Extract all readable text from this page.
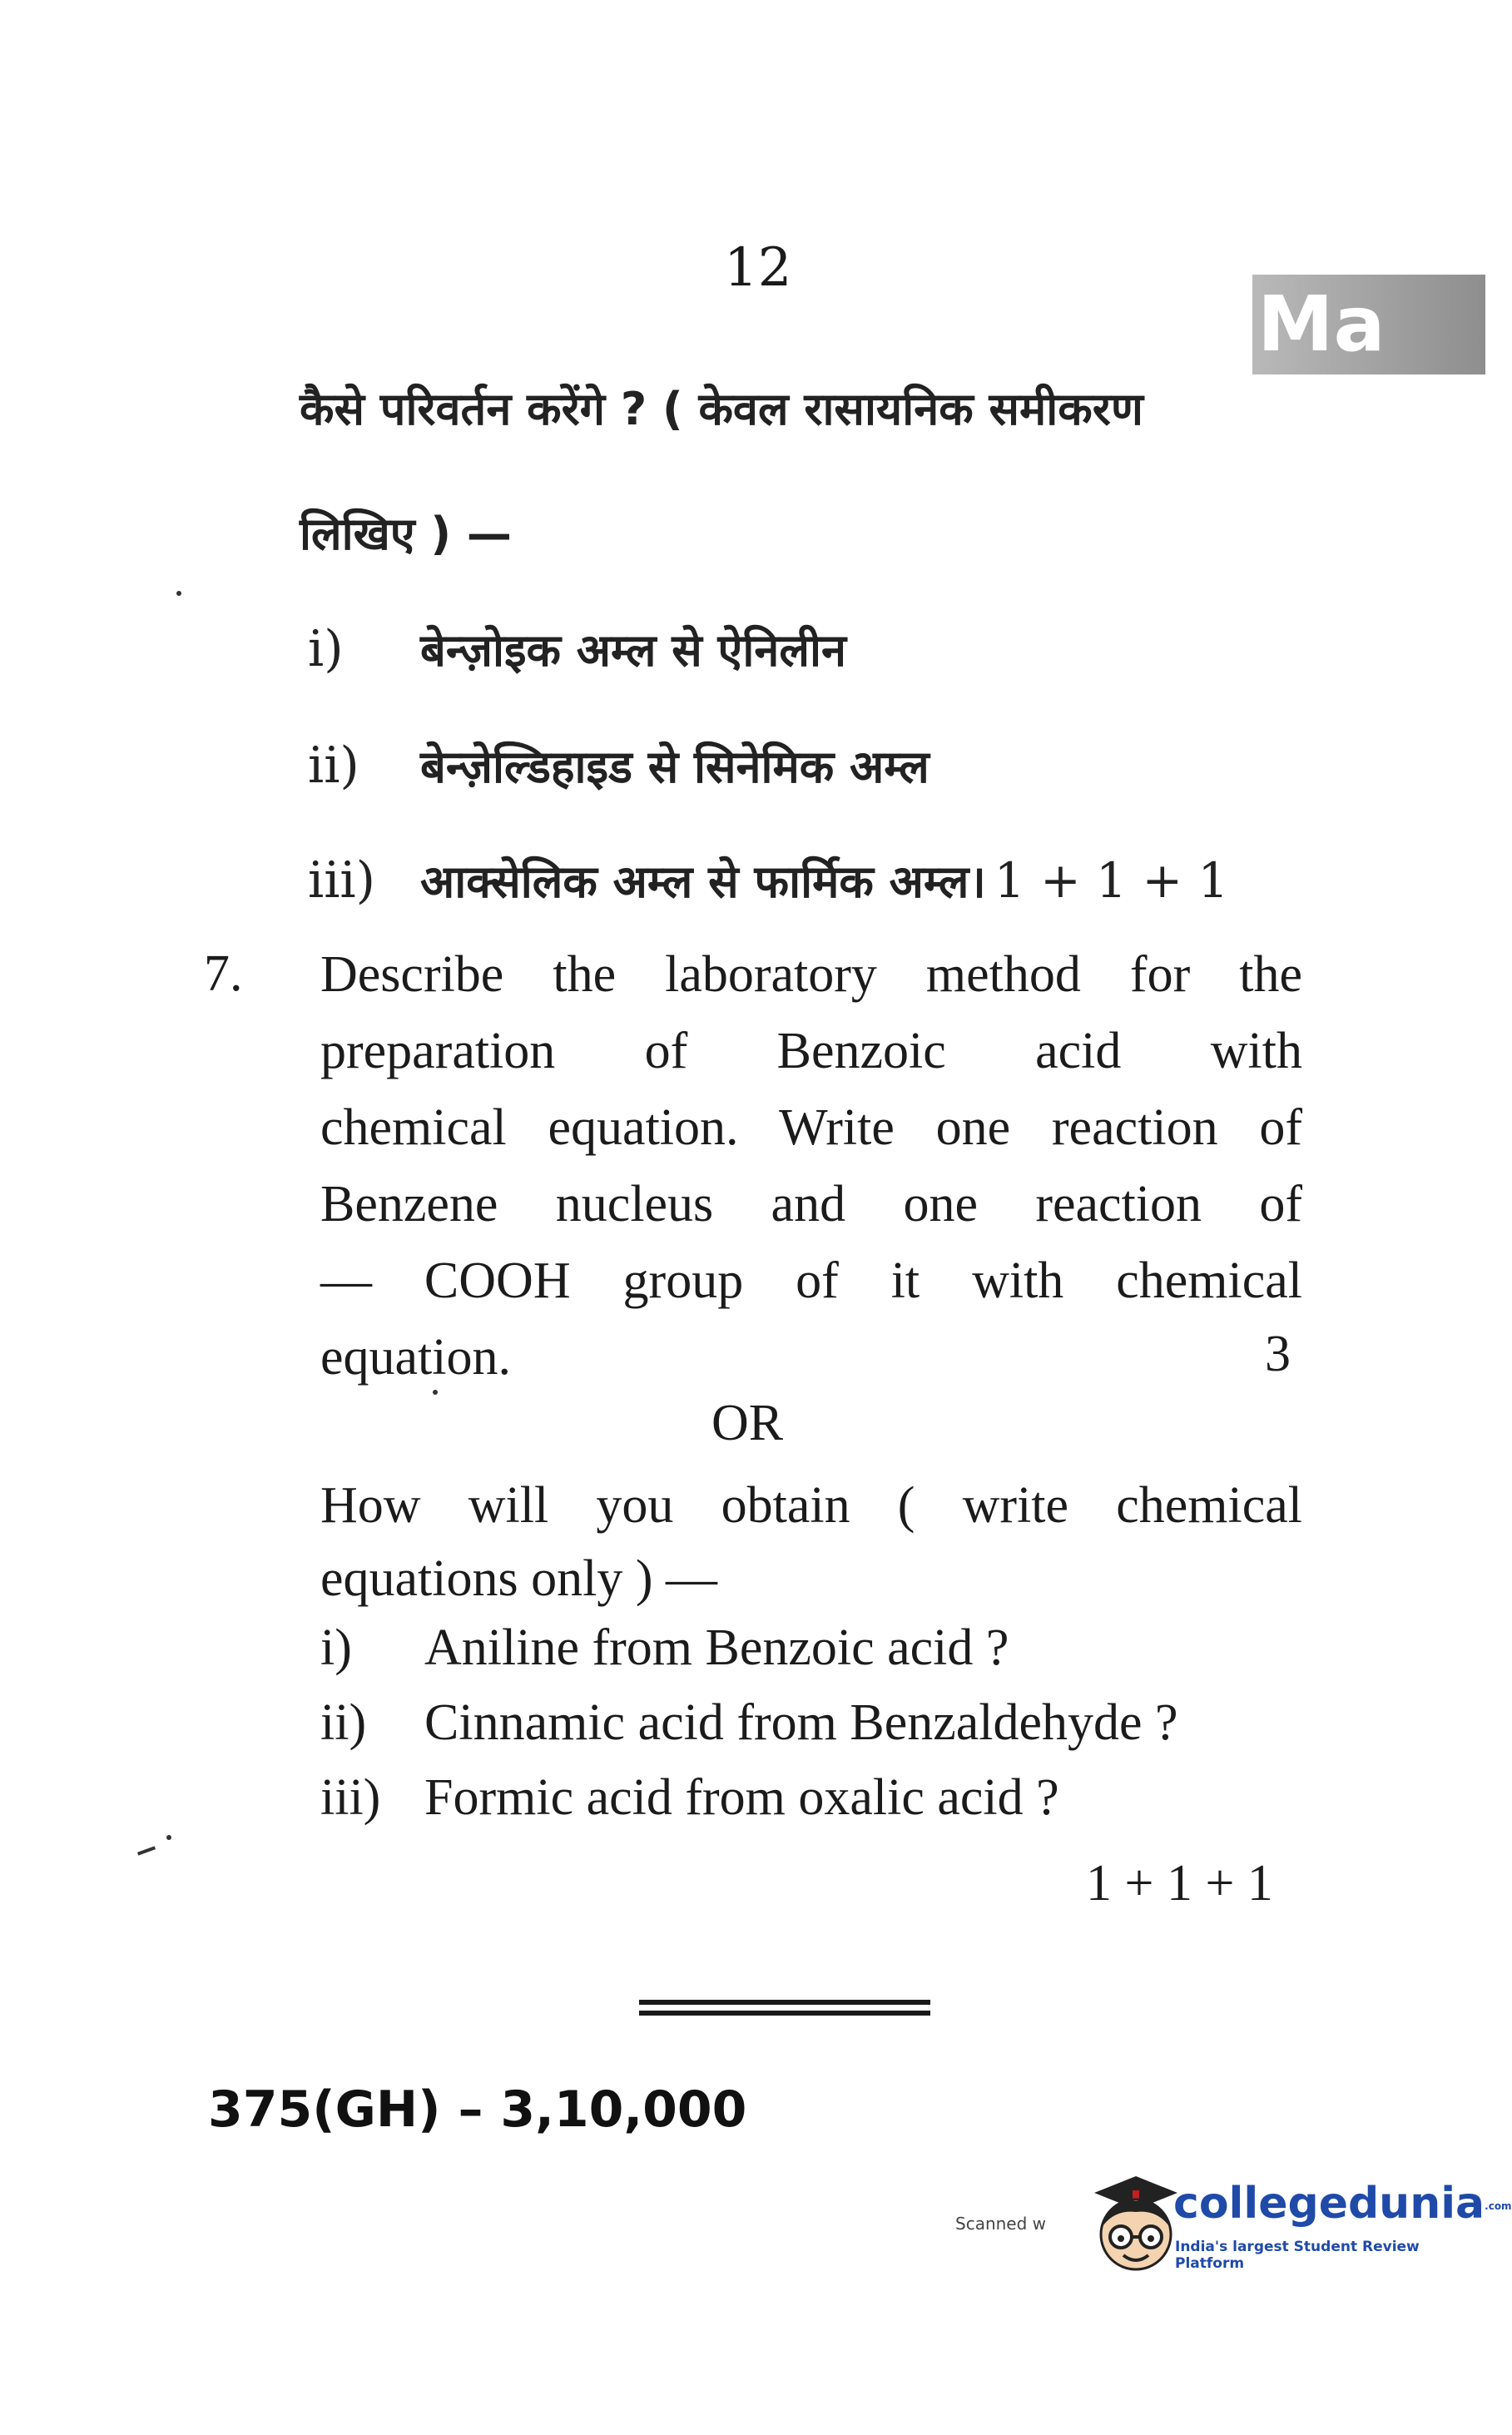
12
Ma
कैसे परिवर्तन करेंगे ? ( केवल रासायनिक समीकरण
लिखिए ) —
i) बेन्ज़ोइक अम्ल से ऐनिलीन
ii) बेन्ज़ेल्डिहाइड से सिनेमिक अम्ल
iii) आक्सेलिक अम्ल से फार्मिक अम्ल। 1 + 1 + 1
7. Describe the laboratory method for the
preparation of Benzoic acid with
chemical equation. Write one reaction of
Benzene nucleus and one reaction of
— COOH group of it with chemical
equation.	3
OR
How will you obtain ( write chemical
equations only ) —
i) Aniline from Benzoic acid ?
ii) Cinnamic acid from Benzaldehyde ?
iii) Formic acid from oxalic acid ?
1 + 1 + 1
375(GH) – 3,10,000
Scanned w	collegedunia.com
India's largest Student Review Platform
